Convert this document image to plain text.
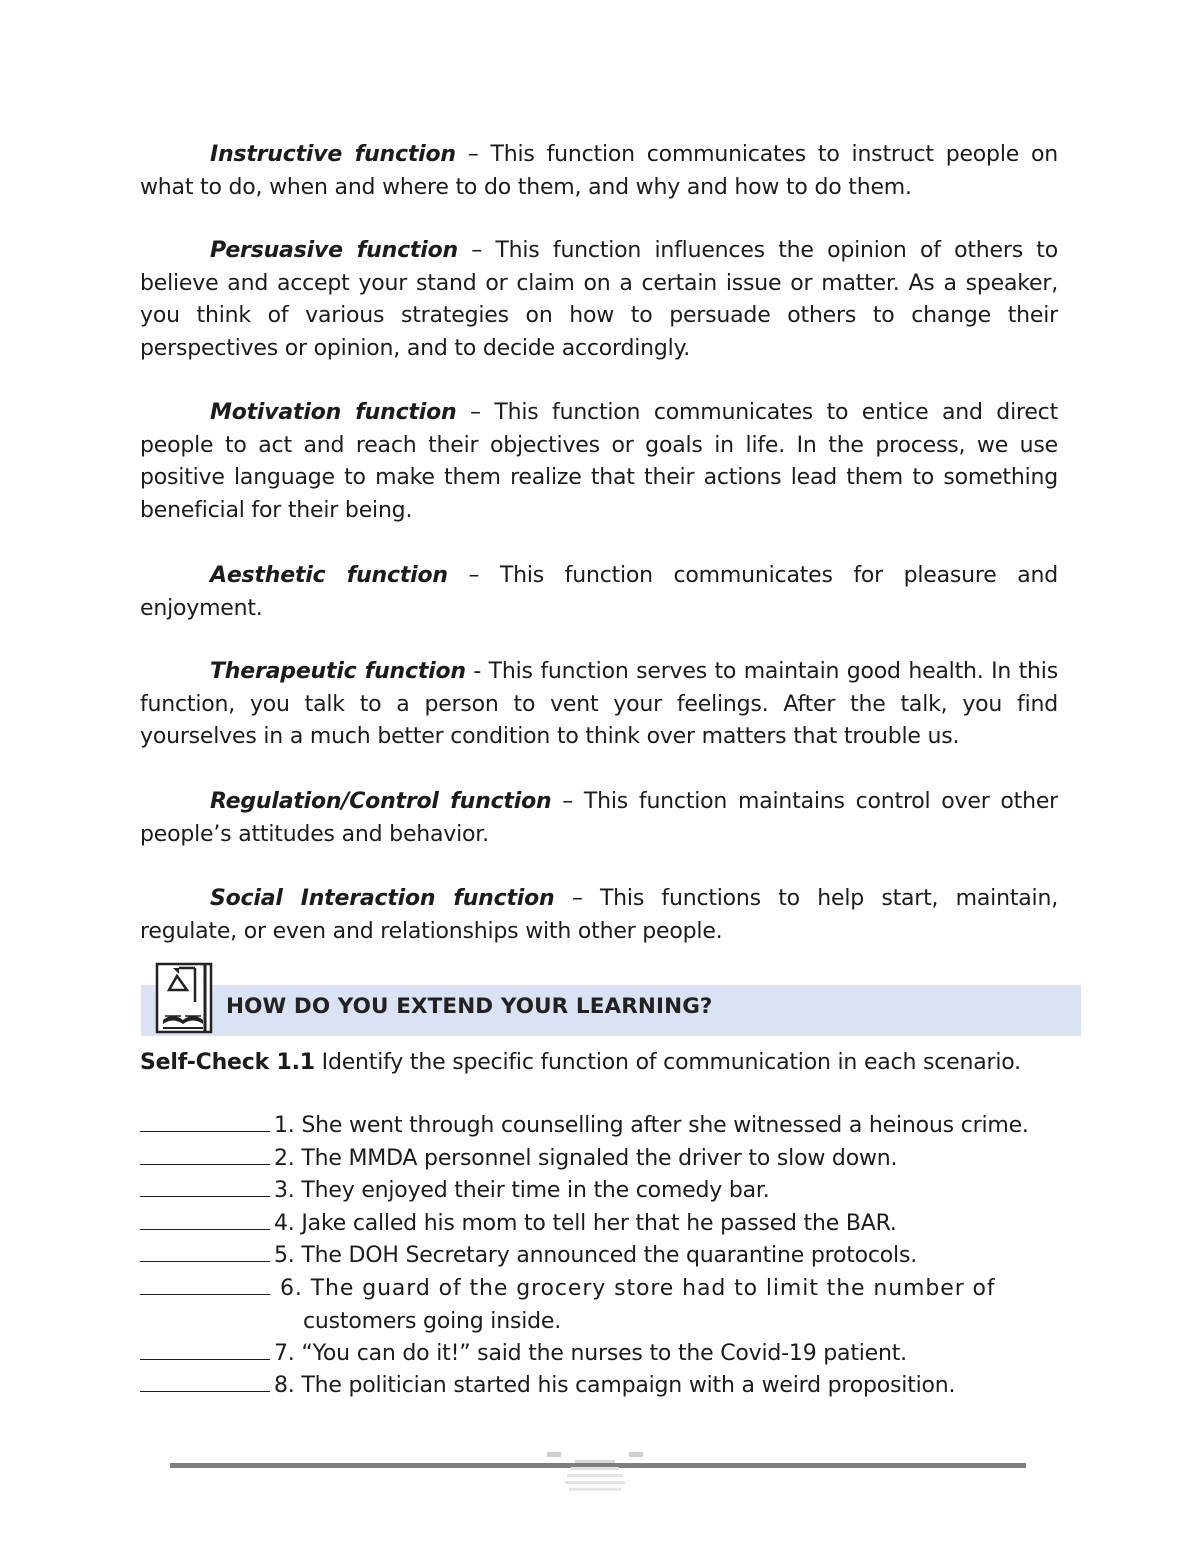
Instructive function – This function communicates to instruct people on what to do, when and where to do them, and why and how to do them.
Persuasive function – This function influences the opinion of others to believe and accept your stand or claim on a certain issue or matter. As a speaker, you think of various strategies on how to persuade others to change their perspectives or opinion, and to decide accordingly.
Motivation function – This function communicates to entice and direct people to act and reach their objectives or goals in life. In the process, we use positive language to make them realize that their actions lead them to something beneficial for their being.
Aesthetic function – This function communicates for pleasure and enjoyment.
Therapeutic function - This function serves to maintain good health. In this function, you talk to a person to vent your feelings. After the talk, you find yourselves in a much better condition to think over matters that trouble us.
Regulation/Control function – This function maintains control over other people’s attitudes and behavior.
Social Interaction function – This functions to help start, maintain, regulate, or even and relationships with other people.
HOW DO YOU EXTEND YOUR LEARNING?
Self-Check 1.1 Identify the specific function of communication in each scenario.
1. She went through counselling after she witnessed a heinous crime.
2. The MMDA personnel signaled the driver to slow down.
3. They enjoyed their time in the comedy bar.
4. Jake called his mom to tell her that he passed the BAR.
5. The DOH Secretary announced the quarantine protocols.
6. The guard of the grocery store had to limit the number of
customers going inside.
7. “You can do it!” said the nurses to the Covid-19 patient.
8. The politician started his campaign with a weird proposition.
